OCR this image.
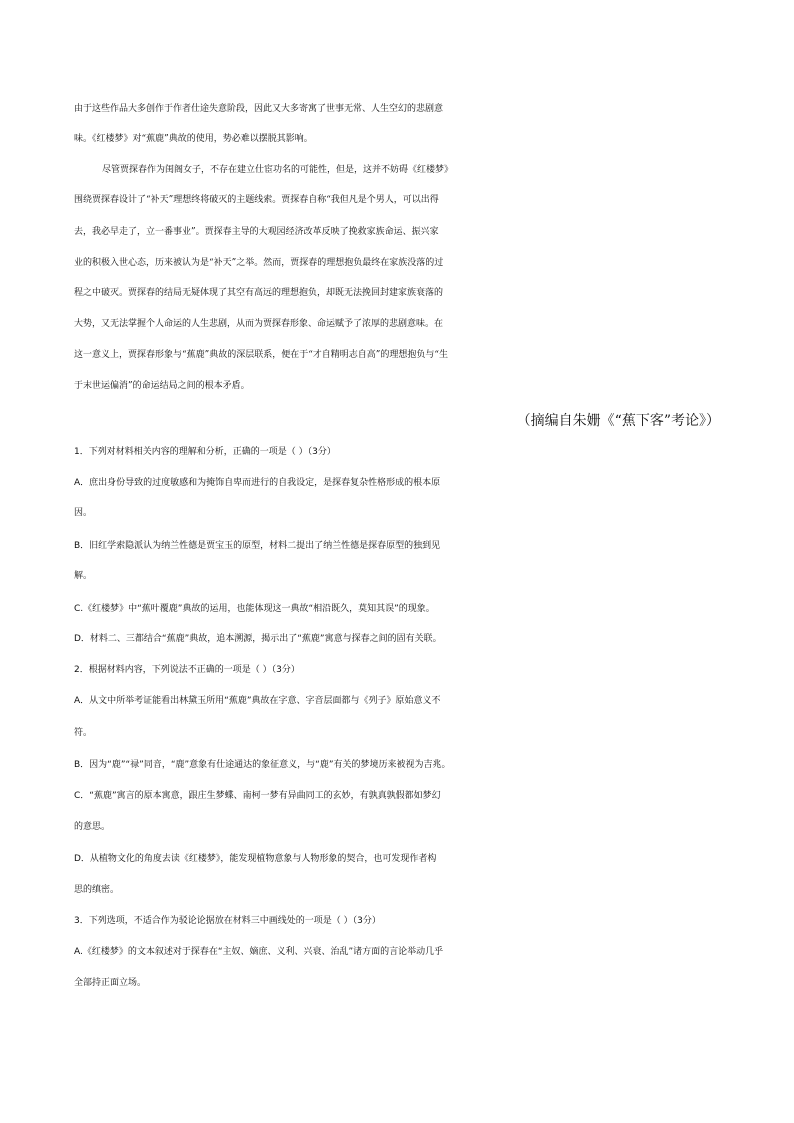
由于这些作品大多创作于作者仕途失意阶段，因此又大多寄寓了世事无常、人生空幻的悲剧意
味。《红楼梦》对“蕉鹿”典故的使用，势必难以摆脱其影响。
尽管贾探春作为闺阁女子，不存在建立仕宦功名的可能性，但是，这并不妨碍《红楼梦》
围绕贾探春设计了“补天”理想终将破灭的主题线索。贾探春自称“我但凡是个男人，可以出得
去，我必早走了，立一番事业”。贾探春主导的大观园经济改革反映了挽救家族命运、振兴家
业的积极入世心态，历来被认为是“补天”之举。然而，贾探春的理想抱负最终在家族没落的过
程之中破灭。贾探春的结局无疑体现了其空有高远的理想抱负，却既无法挽回封建家族衰落的
大势，又无法掌握个人命运的人生悲剧，从而为贾探春形象、命运赋予了浓厚的悲剧意味。在
这一意义上，贾探春形象与“蕉鹿”典故的深层联系，便在于“才自精明志自高”的理想抱负与“生
于末世运偏消”的命运结局之间的根本矛盾。
（摘编自朱姗《“蕉下客”考论》）
1．下列对材料相关内容的理解和分析，正确的一项是（ ）（3分）
A．庶出身份导致的过度敏感和为掩饰自卑而进行的自我设定，是探春复杂性格形成的根本原
因。
B．旧红学索隐派认为纳兰性德是贾宝玉的原型，材料二提出了纳兰性德是探春原型的独到见
解。
C.《红楼梦》中“蕉叶覆鹿”典故的运用，也能体现这一典故“相沿既久，莫知其误”的现象。
D．材料二、三都结合“蕉鹿”典故，追本溯源，揭示出了“蕉鹿”寓意与探春之间的固有关联。
2．根据材料内容，下列说法不正确的一项是（ ）（3分）
A．从文中所举考证能看出林黛玉所用“蕉鹿”典故在字意、字音层面都与《列子》原始意义不
符。
B．因为“鹿”“禄”同音，“鹿”意象有仕途通达的象征意义，与“鹿”有关的梦境历来被视为吉兆。
C．“蕉鹿”寓言的原本寓意，跟庄生梦蝶、南柯一梦有异曲同工的玄妙，有孰真孰假都如梦幻
的意思。
D．从植物文化的角度去读《红楼梦》，能发现植物意象与人物形象的契合，也可发现作者构
思的缜密。
3．下列选项，不适合作为驳论论据放在材料三中画线处的一项是（ ）（3分）
A.《红楼梦》的文本叙述对于探春在“主奴、嫡庶、义利、兴衰、治乱”诸方面的言论举动几乎
全部持正面立场。
